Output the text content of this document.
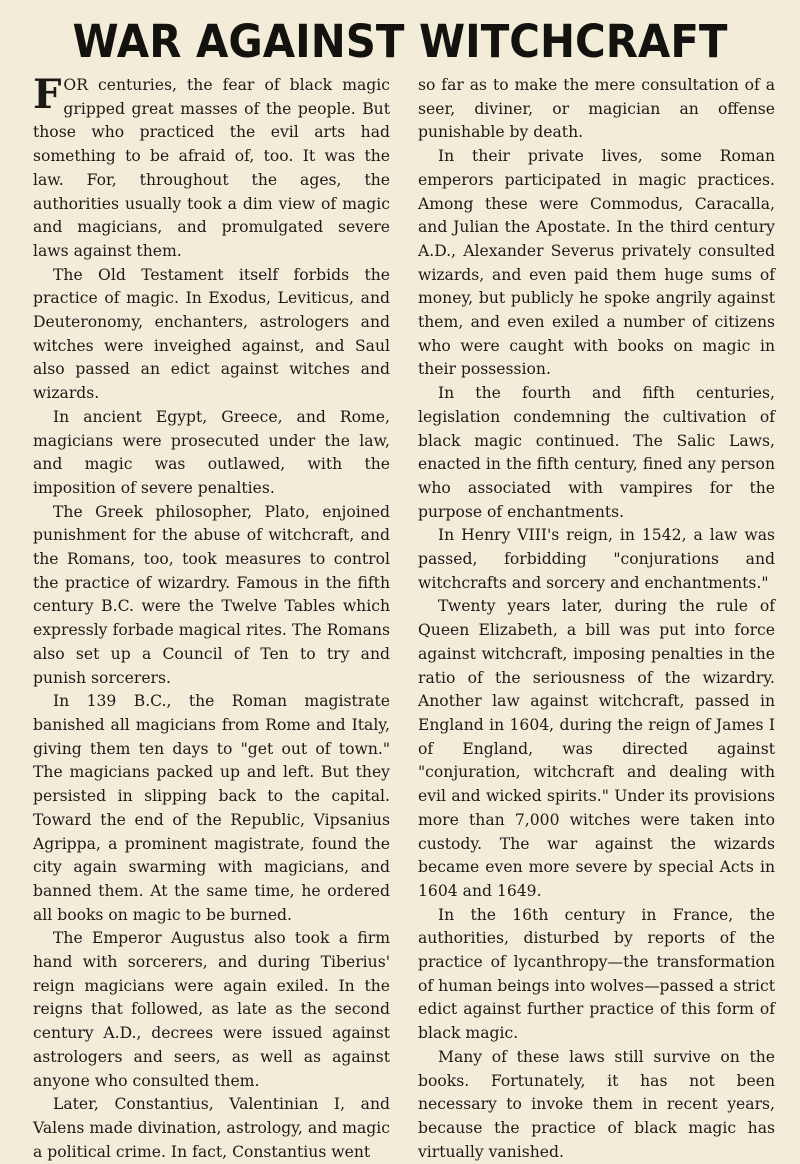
WAR AGAINST WITCHCRAFT

FOR centuries, the fear of black magic gripped great masses of the people. But those who practiced the evil arts had something to be afraid of, too. It was the law. For, throughout the ages, the authorities usually took a dim view of magic and magicians, and promulgated severe laws against them.

The Old Testament itself forbids the practice of magic. In Exodus, Leviticus, and Deuteronomy, enchanters, astrologers and witches were inveighed against, and Saul also passed an edict against witches and wizards.

In ancient Egypt, Greece, and Rome, magicians were prosecuted under the law, and magic was outlawed, with the imposition of severe penalties.

The Greek philosopher, Plato, enjoined punishment for the abuse of witchcraft, and the Romans, too, took measures to control the practice of wizardry. Famous in the fifth century B.C. were the Twelve Tables which expressly forbade magical rites. The Romans also set up a Council of Ten to try and punish sorcerers.

In 139 B.C., the Roman magistrate banished all magicians from Rome and Italy, giving them ten days to "get out of town." The magicians packed up and left. But they persisted in slipping back to the capital. Toward the end of the Republic, Vipsanius Agrippa, a prominent magistrate, found the city again swarming with magicians, and banned them. At the same time, he ordered all books on magic to be burned.

The Emperor Augustus also took a firm hand with sorcerers, and during Tiberius' reign magicians were again exiled. In the reigns that followed, as late as the second century A.D., decrees were issued against astrologers and seers, as well as against anyone who consulted them.

Later, Constantius, Valentinian I, and Valens made divination, astrology, and magic a political crime. In fact, Constantius went

so far as to make the mere consultation of a seer, diviner, or magician an offense punishable by death.

In their private lives, some Roman emperors participated in magic practices. Among these were Commodus, Caracalla, and Julian the Apostate. In the third century A.D., Alexander Severus privately consulted wizards, and even paid them huge sums of money, but publicly he spoke angrily against them, and even exiled a number of citizens who were caught with books on magic in their possession.

In the fourth and fifth centuries, legislation condemning the cultivation of black magic continued. The Salic Laws, enacted in the fifth century, fined any person who associated with vampires for the purpose of enchantments.

In Henry VIII's reign, in 1542, a law was passed, forbidding "conjurations and witchcrafts and sorcery and enchantments."

Twenty years later, during the rule of Queen Elizabeth, a bill was put into force against witchcraft, imposing penalties in the ratio of the seriousness of the wizardry. Another law against witchcraft, passed in England in 1604, during the reign of James I of England, was directed against "conjuration, witchcraft and dealing with evil and wicked spirits." Under its provisions more than 7,000 witches were taken into custody. The war against the wizards became even more severe by special Acts in 1604 and 1649.

In the 16th century in France, the authorities, disturbed by reports of the practice of lycanthropy—the transformation of human beings into wolves—passed a strict edict against further practice of this form of black magic.

Many of these laws still survive on the books. Fortunately, it has not been necessary to invoke them in recent years, because the practice of black magic has virtually vanished.
